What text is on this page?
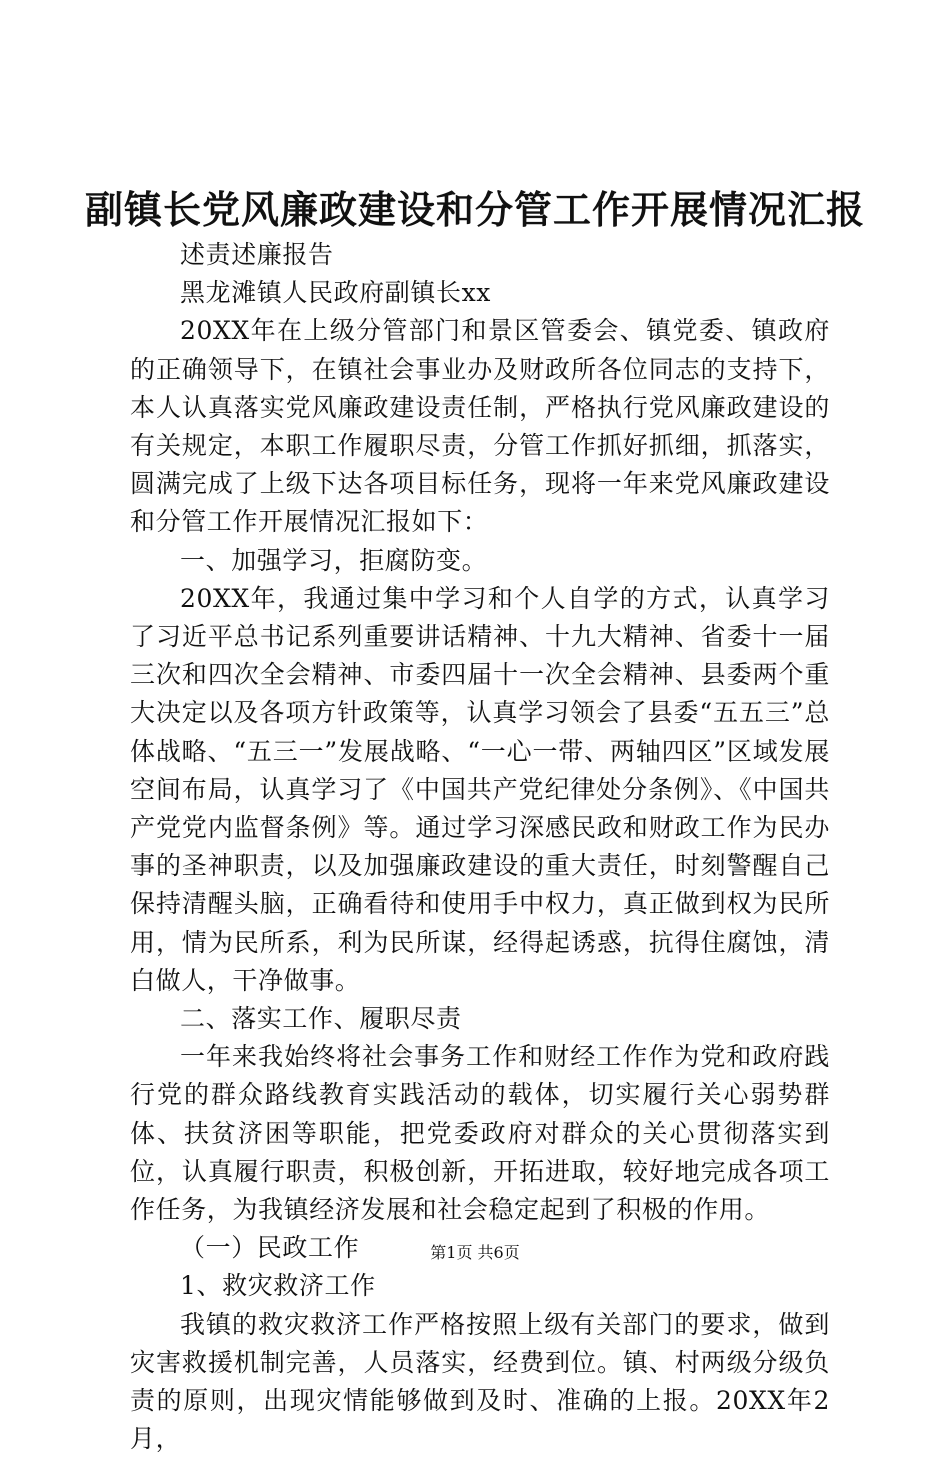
副镇长党风廉政建设和分管工作开展情况汇报

述责述廉报告

黑龙滩镇人民政府副镇长xx

20XX年在上级分管部门和景区管委会、镇党委、镇政府的正确领导下，在镇社会事业办及财政所各位同志的支持下，本人认真落实党风廉政建设责任制，严格执行党风廉政建设的有关规定，本职工作履职尽责，分管工作抓好抓细，抓落实，圆满完成了上级下达各项目标任务，现将一年来党风廉政建设和分管工作开展情况汇报如下：

一、加强学习，拒腐防变。

20XX年，我通过集中学习和个人自学的方式，认真学习了习近平总书记系列重要讲话精神、十九大精神、省委十一届三次和四次全会精神、市委四届十一次全会精神、县委两个重大决定以及各项方针政策等，认真学习领会了县委“五五三”总体战略、“五三一”发展战略、“一心一带、两轴四区”区域发展空间布局，认真学习了《中国共产党纪律处分条例》、《中国共产党党内监督条例》等。通过学习深感民政和财政工作为民办事的圣神职责，以及加强廉政建设的重大责任，时刻警醒自己保持清醒头脑，正确看待和使用手中权力，真正做到权为民所用，情为民所系，利为民所谋，经得起诱惑，抗得住腐蚀，清白做人，干净做事。

二、落实工作、履职尽责

一年来我始终将社会事务工作和财经工作作为党和政府践行党的群众路线教育实践活动的载体，切实履行关心弱势群体、扶贫济困等职能，把党委政府对群众的关心贯彻落实到位，认真履行职责，积极创新，开拓进取，较好地完成各项工作任务，为我镇经济发展和社会稳定起到了积极的作用。

（一）民政工作

1、救灾救济工作

我镇的救灾救济工作严格按照上级有关部门的要求，做到灾害救援机制完善，人员落实，经费到位。镇、村两级分级负责的原则，出现灾情能够做到及时、准确的上报。20XX年2月，

第1页 共6页
